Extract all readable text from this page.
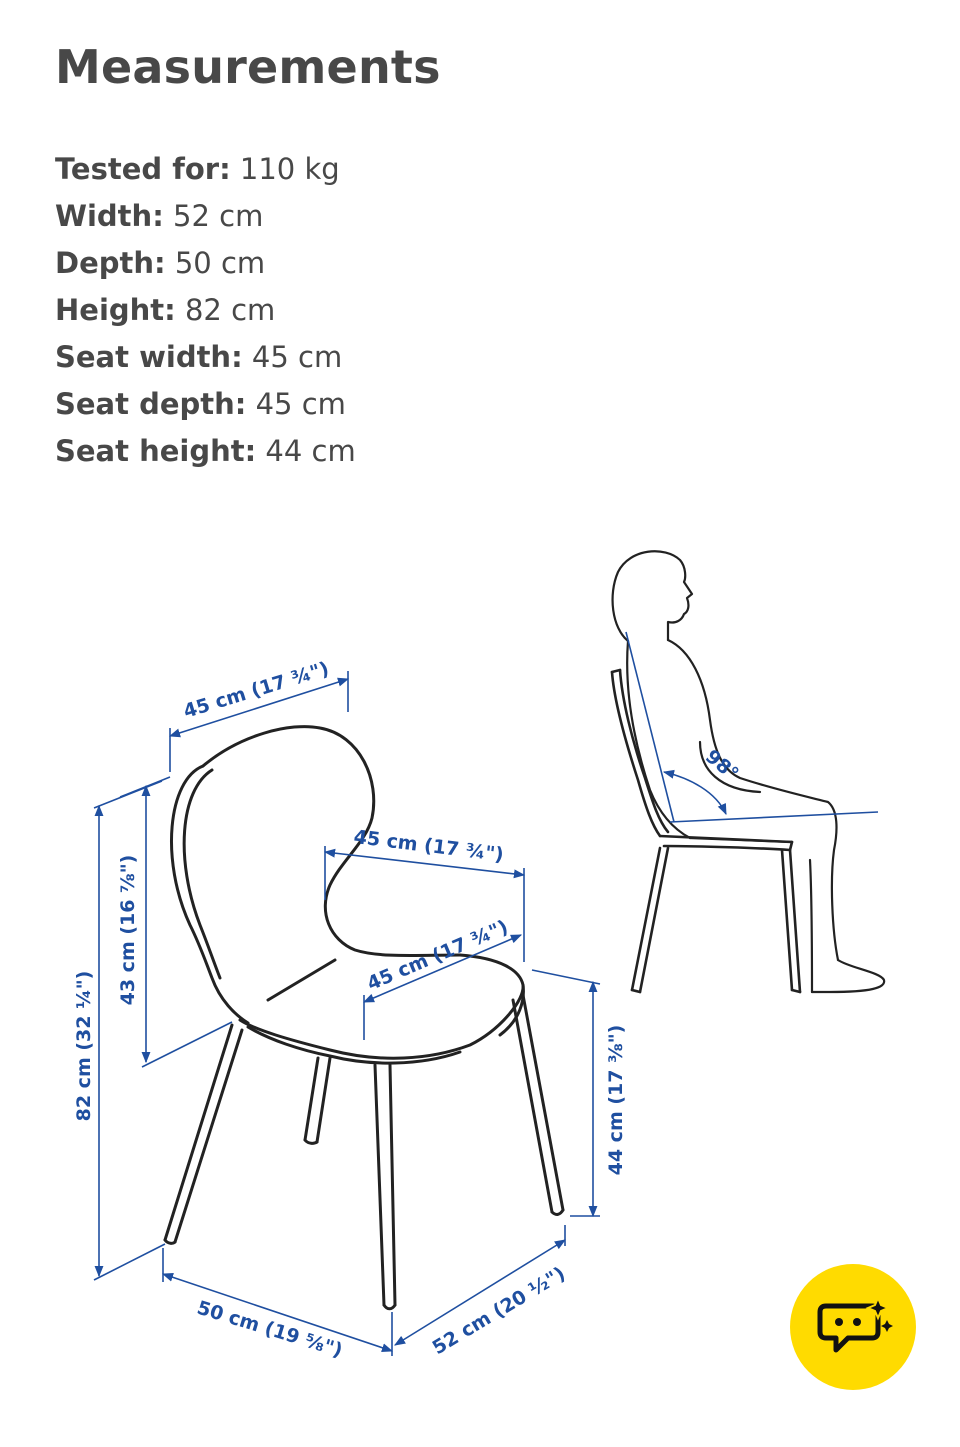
Measurements
Tested for: 110 kg
Width: 52 cm
Depth: 50 cm
Height: 82 cm
Seat width: 45 cm
Seat depth: 45 cm
Seat height: 44 cm
45 cm (17 ¾")
45 cm (17 ¾")
45 cm (17 ¾")
43 cm (16 ⅞")
82 cm (32 ¼")	44 cm (17 ⅜")
50 cm (19 ⅝")	52 cm (20 ½")
98°
